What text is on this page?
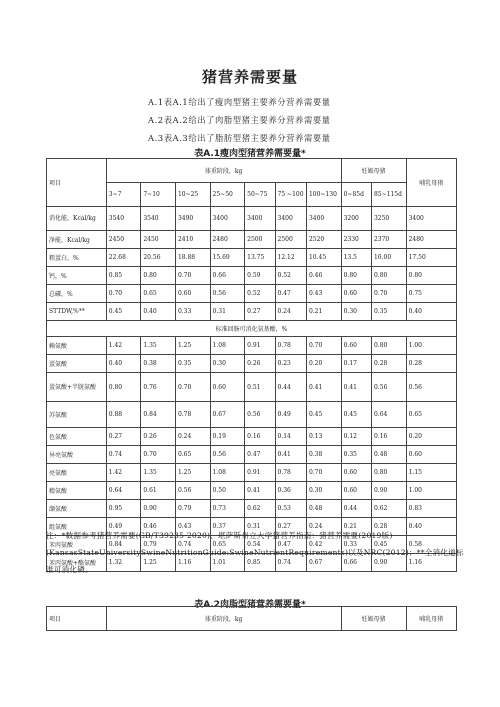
猪营养需要量
A.1表A.1给出了瘦肉型猪主要养分营养需要量
A.2表A.2给出了肉脂型猪主要养分营养需要量
A.3表A.3给出了脂肪型猪主要养分营养需要量
表A.1瘦肉型猪营养需要量*
项目	体重阶段，kg							妊娠母猪		哺乳母猪
	3~7	7~10	10~25	25~50	50~75	75 ~100	100~130	0~85d	85~115d	
消化能，Kcal/kg	3540	3540	3490	3400	3400	3400	3400	3200	3250	3400
净能，Kcal/kg	2450	2450	2410	2480	2500	2500	2520	2330	2370	2480
粗蛋白，%	22.68	20.56	18.88	15.69	13.75	12.12	10.45	13.5	16.00	17.50
钙，%	0.85	0.80	0.70	0.66	0.59	0.52	0.46	0.80	0.80	0.80
总磷，%	0.70	0.65	0.60	0.56	0.52	0.47	0.43	0.60	0.70	0.75
STTDW,%**	0.45	0.40	0.33	0.31	0.27	0.24	0.21	0.30	0.35	0.40
标准回肠可消化氨基酸，%										
赖氨酸	1.42	1.35	1.25	1.08	0.91	0.78	0.70	0.60	0.80	1.00
蛋氨酸	0.40	0.38	0.35	0.30	0.26	0.23	0.20	0.17	0.28	0.28
蛋氨酸+半胱氨酸	0.80	0.76	0.70	0.60	0.51	0.44	0.41	0.41	0.56	0.56
苏氨酸	0.88	0.84	0.78	0.67	0.56	0.49	0.45	0.45	0.64	0.65
色氨酸	0.27	0.26	0.24	0.19	0.16	0.14	0.13	0.12	0.16	0.20
异亮氨酸	0.74	0.70	0.65	0.56	0.47	0.41	0.38	0.35	0.48	0.60
亮氨酸	1.42	1.35	1.25	1.08	0.91	0.78	0.70	0.60	0.80	1.15
精氨酸	0.64	0.61	0.56	0.50	0.41	0.36	0.30	0.60	0.90	1.00
缬氨酸	0.95	0.90	0.79	0.73	0.62	0.53	0.48	0.44	0.62	0.83
组氨酸	0.49	0.46	0.43	0.37	0.31	0.27	0.24	0.21	0.28	0.40
苯丙氨酸	0.84	0.79	0.74	0.65	0.54	0.47	0.42	0.33	0.45	0.58
苯丙氨酸+酪氨酸	1.32	1.25	1.16	1.01	0.85	0.74	0.67	0.66	0.90	1.16
注：*数据参考猪营养需要(GB/T39235-2020)、堪萨斯州立大学猪营养指南：猪营养需要(2019版)(KansasStateUniversitySwineNutritionGuide:SwineNutrientRequirements)以及NRC(2012)；**全消化道标准可消化磷。
表A.2肉脂型猪营养需要量*
项目	体重阶段，kg	妊娠母猪	哺乳母猪
